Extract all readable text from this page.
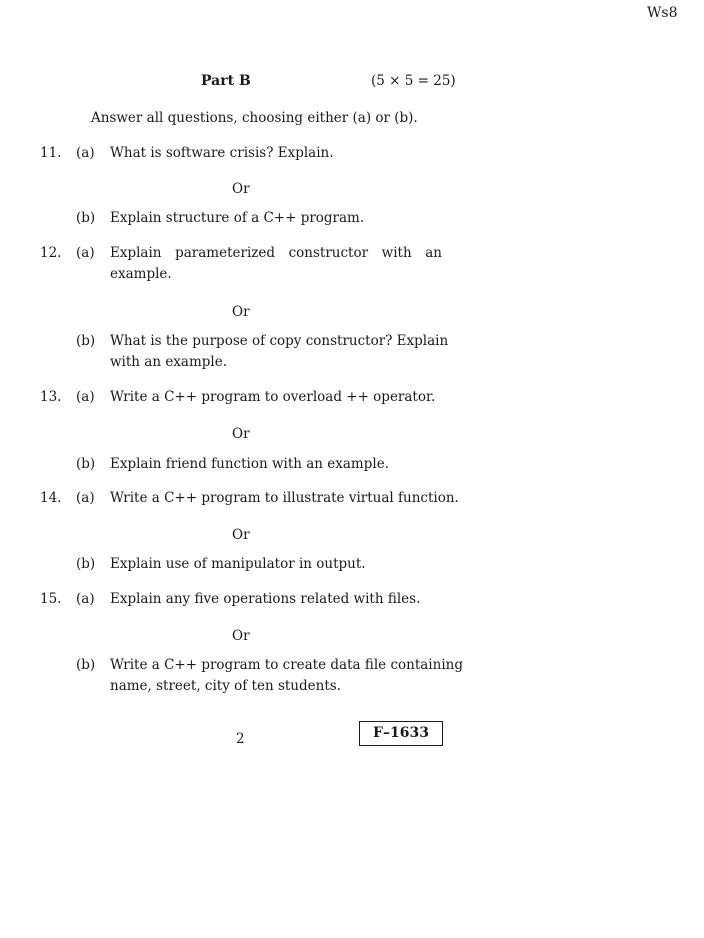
Ws8
Part B	(5 × 5 = 25)
Answer all questions, choosing either (a) or (b).
11. (a) What is software crisis? Explain.
Or
(b) Explain structure of a C++ program.
12. (a) Explain parameterized constructor with an
example.
Or
(b) What is the purpose of copy constructor? Explain
with an example.
13. (a) Write a C++ program to overload ++ operator.
Or
(b) Explain friend function with an example.
14. (a) Write a C++ program to illustrate virtual function.
Or
(b) Explain use of manipulator in output.
15. (a) Explain any five operations related with files.
Or
(b) Write a C++ program to create data file containing
name, street, city of ten students.
2	F–1633
